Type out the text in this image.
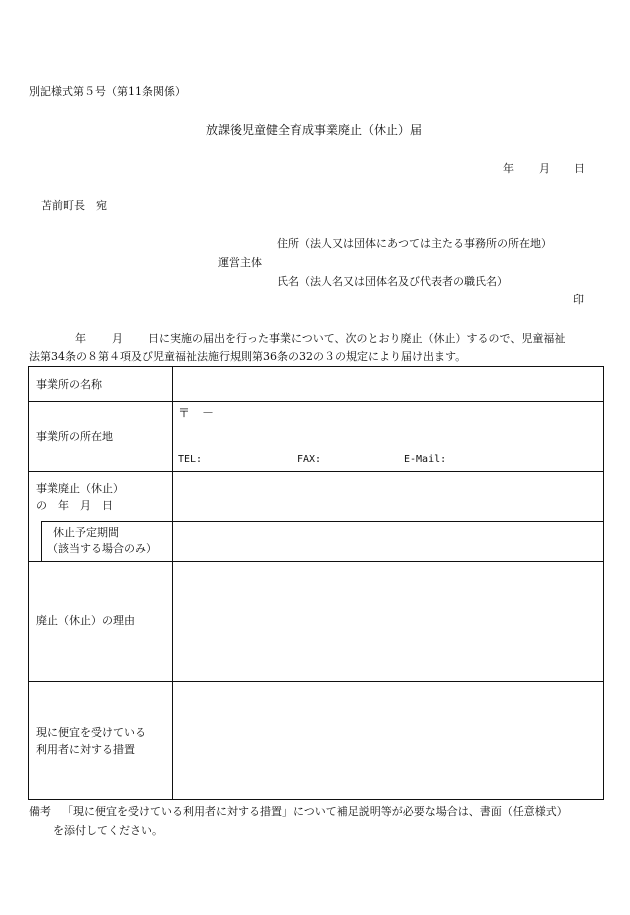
別記様式第５号（第11条関係）
放課後児童健全育成事業廃止（休止）届
年 月 日
苫前町長　宛
住所（法人又は団体にあつては主たる事務所の所在地）
運営主体
氏名（法人名又は団体名及び代表者の職氏名）
印
年 月 日に実施の届出を行った事業について、次のとおり廃止（休止）するので、児童福祉
法第34条の８第４項及び児童福祉法施行規則第36条の32の３の規定により届け出ます。
事業所の名称
事業所の所在地
〒　－
TEL:	FAX:	E-Mail:
事業廃止（休止）
の　年　月　日
休止予定期間
（該当する場合のみ）
廃止（休止）の理由
現に便宜を受けている
利用者に対する措置
備考 「現に便宜を受けている利用者に対する措置」について補足説明等が必要な場合は、書面（任意様式）
を添付してください。
